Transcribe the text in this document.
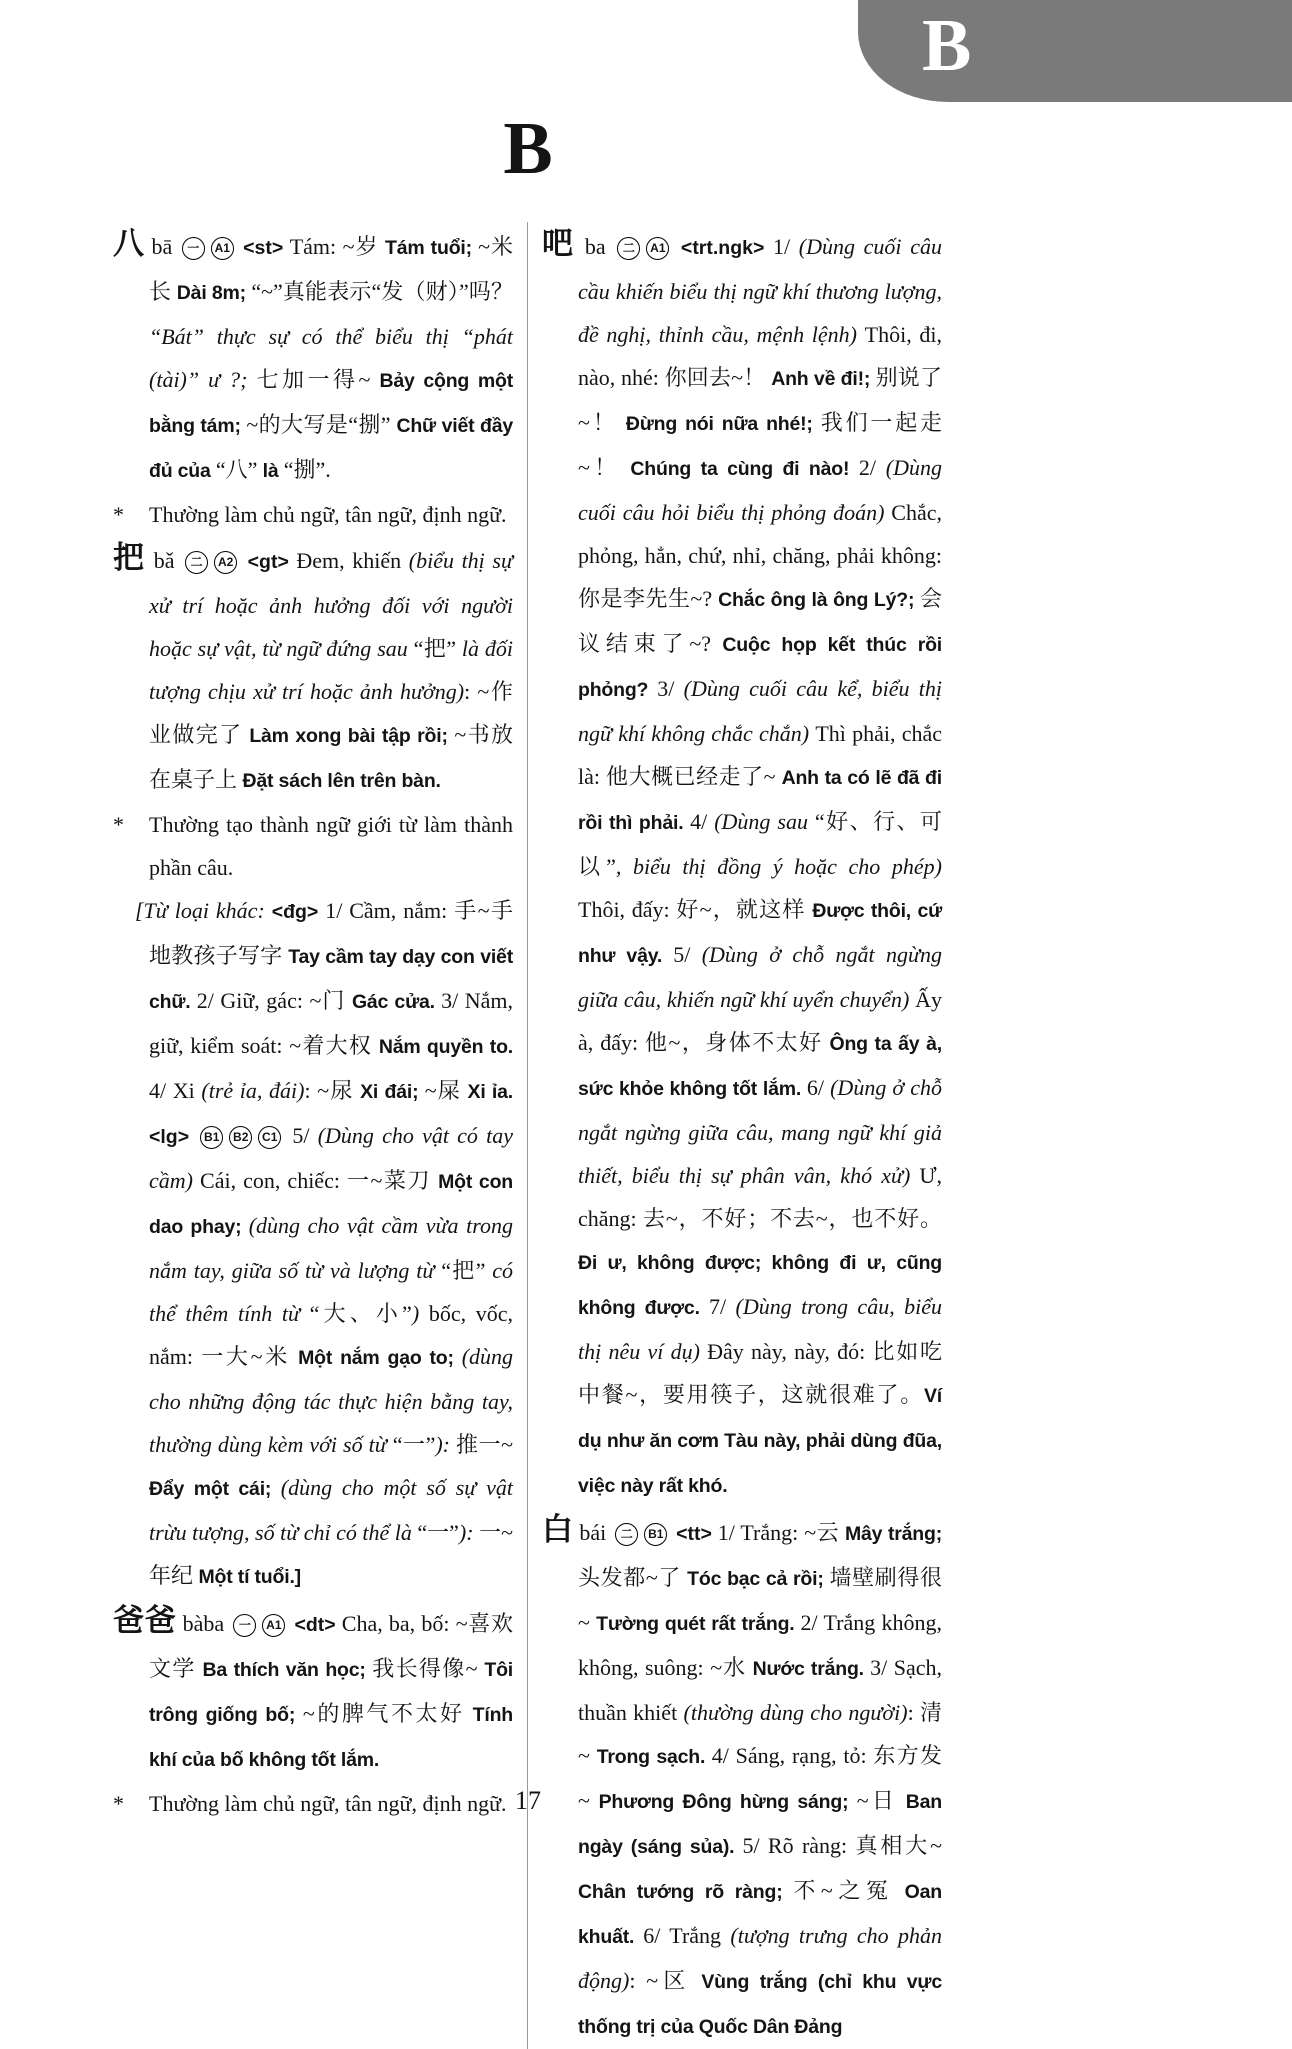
B
B

八 bā 一 A1 <st> Tám: ~岁 Tám tuổi; ~米长 Dài 8m; “~”真能表示“发（财）”吗？ “Bát” thực sự có thể biểu thị “phát (tài)” ư ?; 七加一得~ Bảy cộng một bằng tám; ~的大写是“捌” Chữ viết đầy đủ của “八” là “捌”.

* Thường làm chủ ngữ, tân ngữ, định ngữ.

把 bǎ 二 A2 <gt> Đem, khiến (biểu thị sự xử trí hoặc ảnh hưởng đối với người hoặc sự vật, từ ngữ đứng sau “把” là đối tượng chịu xử trí hoặc ảnh hưởng): ~作业做完了 Làm xong bài tập rồi; ~书放在桌子上 Đặt sách lên trên bàn.

* Thường tạo thành ngữ giới từ làm thành phần câu.

[Từ loại khác: <đg> 1/ Cầm, nắm: 手~手地教孩子写字 Tay cầm tay dạy con viết chữ. 2/ Giữ, gác: ~门 Gác cửa. 3/ Nắm, giữ, kiểm soát: ~着大权 Nắm quyền to. 4/ Xi (trẻ ỉa, đái): ~尿 Xi đái; ~屎 Xi ỉa. <lg> B1 B2 C1 5/ (Dùng cho vật có tay cầm) Cái, con, chiếc: 一~菜刀 Một con dao phay; (dùng cho vật cầm vừa trong nắm tay, giữa số từ và lượng từ “把” có thể thêm tính từ “大、小”) bốc, vốc, nắm: 一大~米 Một nắm gạo to; (dùng cho những động tác thực hiện bằng tay, thường dùng kèm với số từ “一”): 推一~ Đẩy một cái; (dùng cho một số sự vật trừu tượng, số từ chỉ có thể là “一”): 一~年纪 Một tí tuổi.]

爸爸 bàba 一 A1 <dt> Cha, ba, bố: ~喜欢文学 Ba thích văn học; 我长得像~ Tôi trông giống bố; ~的脾气不太好 Tính khí của bố không tốt lắm.

* Thường làm chủ ngữ, tân ngữ, định ngữ.

吧 ba 二 A1 <trt.ngk> 1/ (Dùng cuối câu cầu khiến biểu thị ngữ khí thương lượng, đề nghị, thỉnh cầu, mệnh lệnh) Thôi, đi, nào, nhé: 你回去~！ Anh về đi!; 别说了~！ Đừng nói nữa nhé!; 我们一起走~！ Chúng ta cùng đi nào! 2/ (Dùng cuối câu hỏi biểu thị phỏng đoán) Chắc, phỏng, hẳn, chứ, nhỉ, chăng, phải không: 你是李先生~? Chắc ông là ông Lý?; 会议结束了~? Cuộc họp kết thúc rồi phỏng? 3/ (Dùng cuối câu kể, biểu thị ngữ khí không chắc chắn) Thì phải, chắc là: 他大概已经走了~ Anh ta có lẽ đã đi rồi thì phải. 4/ (Dùng sau “好、行、可以”, biểu thị đồng ý hoặc cho phép) Thôi, đấy: 好~，就这样 Được thôi, cứ như vậy. 5/ (Dùng ở chỗ ngắt ngừng giữa câu, khiến ngữ khí uyển chuyển) Ấy à, đấy: 他~，身体不太好 Ông ta ấy à, sức khỏe không tốt lắm. 6/ (Dùng ở chỗ ngắt ngừng giữa câu, mang ngữ khí giả thiết, biểu thị sự phân vân, khó xử) Ư, chăng: 去~，不好；不去~，也不好。Đi ư, không được; không đi ư, cũng không được. 7/ (Dùng trong câu, biểu thị nêu ví dụ) Đây này, này, đó: 比如吃中餐~，要用筷子，这就很难了。Ví dụ như ăn cơm Tàu này, phải dùng đũa, việc này rất khó.

白 bái 二 B1 <tt> 1/ Trắng: ~云 Mây trắng; 头发都~了 Tóc bạc cả rồi; 墙壁刷得很~ Tường quét rất trắng. 2/ Trắng không, không, suông: ~水 Nước trắng. 3/ Sạch, thuần khiết (thường dùng cho người): 清~ Trong sạch. 4/ Sáng, rạng, tỏ: 东方发~ Phương Đông hừng sáng; ~日 Ban ngày (sáng sủa). 5/ Rõ ràng: 真相大~ Chân tướng rõ ràng; 不~之冤 Oan khuất. 6/ Trắng (tượng trưng cho phản động): ~区 Vùng trắng (chỉ khu vực thống trị của Quốc Dân Đảng

17
